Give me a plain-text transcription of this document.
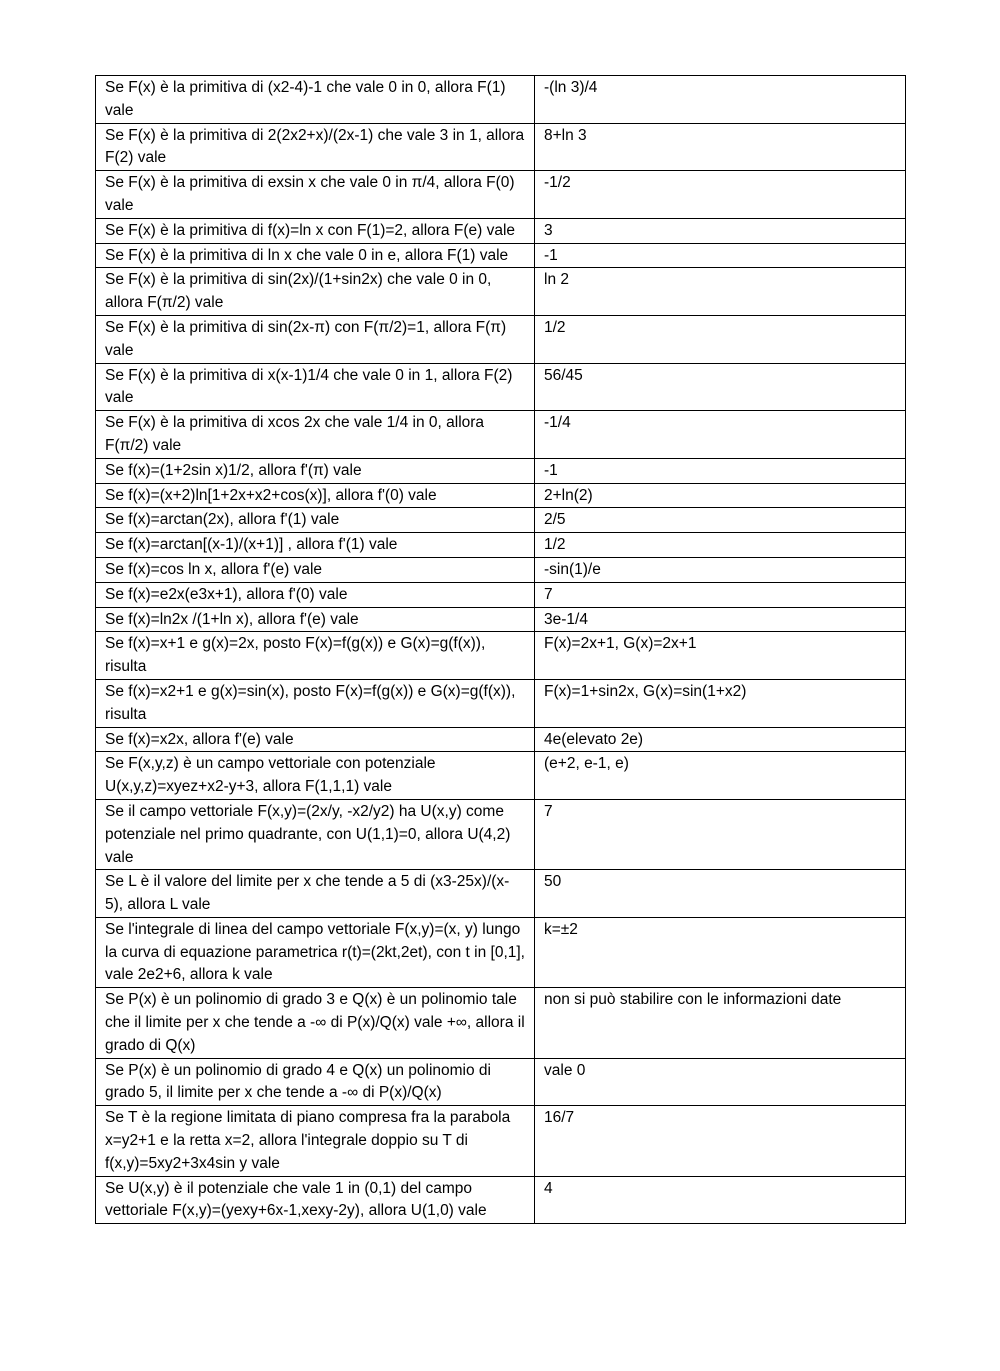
Se F(x) è la primitiva di (x2-4)-1 che vale 0 in 0, allora F(1) vale	-(ln 3)/4
Se F(x) è la primitiva di 2(2x2+x)/(2x-1) che vale 3 in 1, allora F(2) vale	8+ln 3
Se F(x) è la primitiva di exsin x che vale 0 in π/4, allora F(0) vale	-1/2
Se F(x) è la primitiva di f(x)=ln x con F(1)=2, allora F(e) vale	3
Se F(x) è la primitiva di ln x che vale 0 in e, allora F(1) vale	-1
Se F(x) è la primitiva di sin(2x)/(1+sin2x) che vale 0 in 0, allora F(π/2) vale	ln 2
Se F(x) è la primitiva di sin(2x-π) con F(π/2)=1, allora F(π) vale	1/2
Se F(x) è la primitiva di x(x-1)1/4 che vale 0 in 1, allora F(2) vale	56/45
Se F(x) è la primitiva di xcos 2x che vale 1/4 in 0, allora F(π/2) vale	-1/4
Se f(x)=(1+2sin x)1/2, allora f'(π) vale	-1
Se f(x)=(x+2)ln[1+2x+x2+cos(x)], allora f'(0) vale	2+ln(2)
Se f(x)=arctan(2x), allora f'(1) vale	2/5
Se f(x)=arctan[(x-1)/(x+1)] , allora f'(1) vale	1/2
Se f(x)=cos ln x, allora f'(e) vale	-sin(1)/e
Se f(x)=e2x(e3x+1), allora f'(0) vale	7
Se f(x)=ln2x /(1+ln x), allora f'(e) vale	3e-1/4
Se f(x)=x+1 e g(x)=2x, posto F(x)=f(g(x)) e G(x)=g(f(x)), risulta	F(x)=2x+1, G(x)=2x+1
Se f(x)=x2+1 e g(x)=sin(x), posto F(x)=f(g(x)) e G(x)=g(f(x)), risulta	F(x)=1+sin2x, G(x)=sin(1+x2)
Se f(x)=x2x, allora f'(e) vale	4e(elevato 2e)
Se F(x,y,z) è un campo vettoriale con potenziale U(x,y,z)=xyez+x2-y+3, allora F(1,1,1) vale	(e+2, e-1, e)
Se il campo vettoriale F(x,y)=(2x/y, -x2/y2) ha U(x,y) come potenziale nel primo quadrante, con U(1,1)=0, allora U(4,2) vale	7
Se L è il valore del limite per x che tende a 5 di (x3-25x)/(x-5), allora L vale	50
Se l'integrale di linea del campo vettoriale F(x,y)=(x, y) lungo la curva di equazione parametrica r(t)=(2kt,2et), con t in [0,1], vale 2e2+6, allora k vale	k=±2
Se P(x) è un polinomio di grado 3 e Q(x) è un polinomio tale che il limite per x che tende a -∞ di P(x)/Q(x) vale +∞, allora il grado di Q(x)	non si può stabilire con le informazioni date
Se P(x) è un polinomio di grado 4 e Q(x) un polinomio di grado 5, il limite per x che tende a -∞ di P(x)/Q(x)	vale 0
Se T è la regione limitata di piano compresa fra la parabola x=y2+1 e la retta x=2, allora l'integrale doppio su T di f(x,y)=5xy2+3x4sin y vale	16/7
Se U(x,y) è il potenziale che vale 1 in (0,1) del campo vettoriale F(x,y)=(yexy+6x-1,xexy-2y), allora U(1,0) vale	4
